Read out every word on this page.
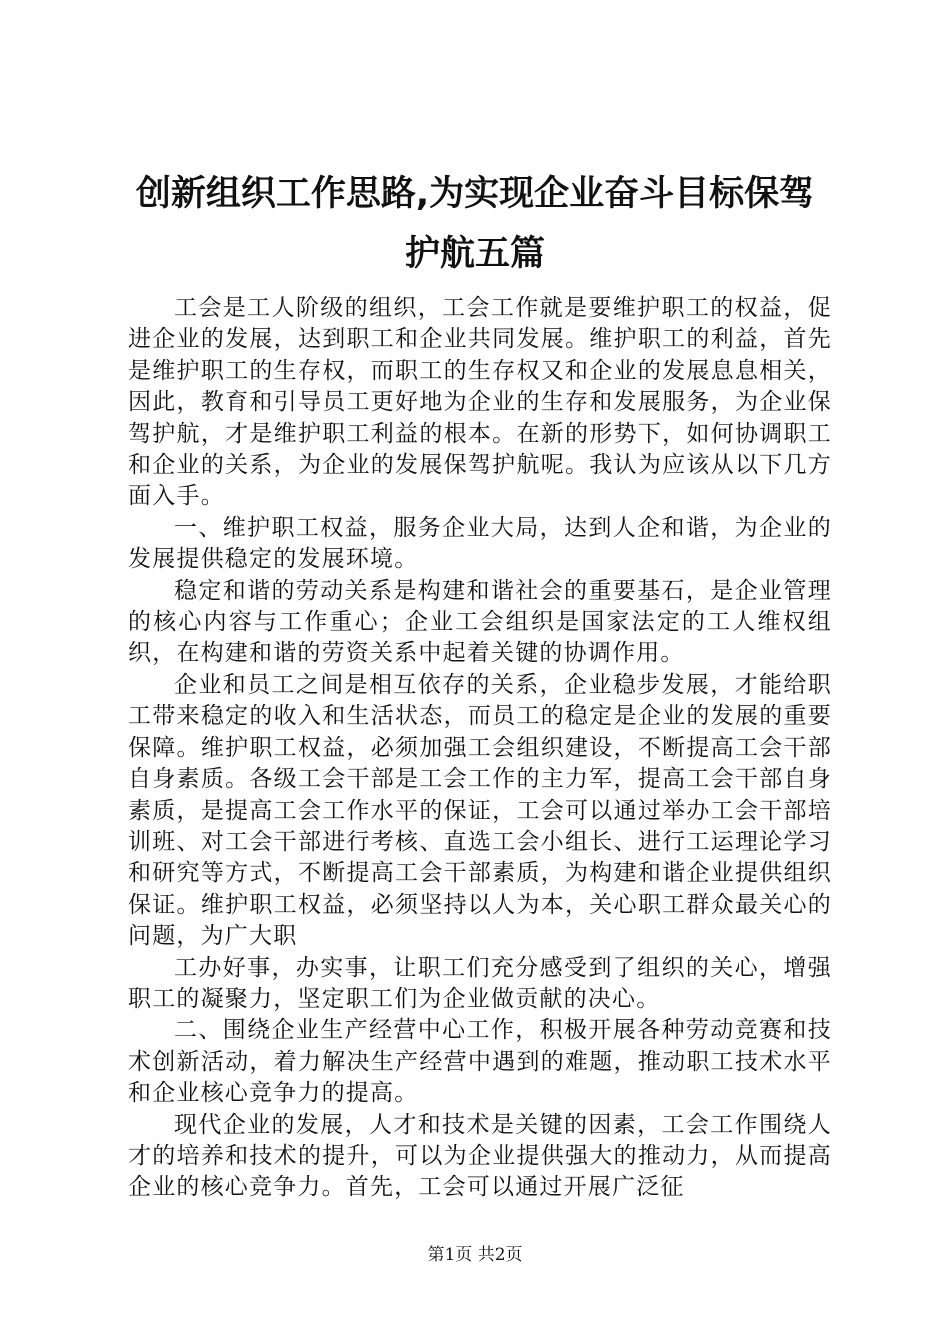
创新组织工作思路,为实现企业奋斗目标保驾
护航五篇

工会是工人阶级的组织，工会工作就是要维护职工的权益，促进企业的发展，达到职工和企业共同发展。维护职工的利益，首先是维护职工的生存权，而职工的生存权又和企业的发展息息相关，因此，教育和引导员工更好地为企业的生存和发展服务，为企业保驾护航，才是维护职工利益的根本。在新的形势下，如何协调职工和企业的关系，为企业的发展保驾护航呢。我认为应该从以下几方面入手。

一、维护职工权益，服务企业大局，达到人企和谐，为企业的发展提供稳定的发展环境。

稳定和谐的劳动关系是构建和谐社会的重要基石，是企业管理的核心内容与工作重心；企业工会组织是国家法定的工人维权组织，在构建和谐的劳资关系中起着关键的协调作用。

企业和员工之间是相互依存的关系，企业稳步发展，才能给职工带来稳定的收入和生活状态，而员工的稳定是企业的发展的重要保障。维护职工权益，必须加强工会组织建设，不断提高工会干部自身素质。各级工会干部是工会工作的主力军，提高工会干部自身素质，是提高工会工作水平的保证，工会可以通过举办工会干部培训班、对工会干部进行考核、直选工会小组长、进行工运理论学习和研究等方式，不断提高工会干部素质，为构建和谐企业提供组织保证。维护职工权益，必须坚持以人为本，关心职工群众最关心的问题，为广大职

工办好事，办实事，让职工们充分感受到了组织的关心，增强职工的凝聚力，坚定职工们为企业做贡献的决心。

二、围绕企业生产经营中心工作，积极开展各种劳动竞赛和技术创新活动，着力解决生产经营中遇到的难题，推动职工技术水平和企业核心竞争力的提高。

现代企业的发展，人才和技术是关键的因素，工会工作围绕人才的培养和技术的提升，可以为企业提供强大的推动力，从而提高企业的核心竞争力。首先，工会可以通过开展广泛征

第1页 共2页
